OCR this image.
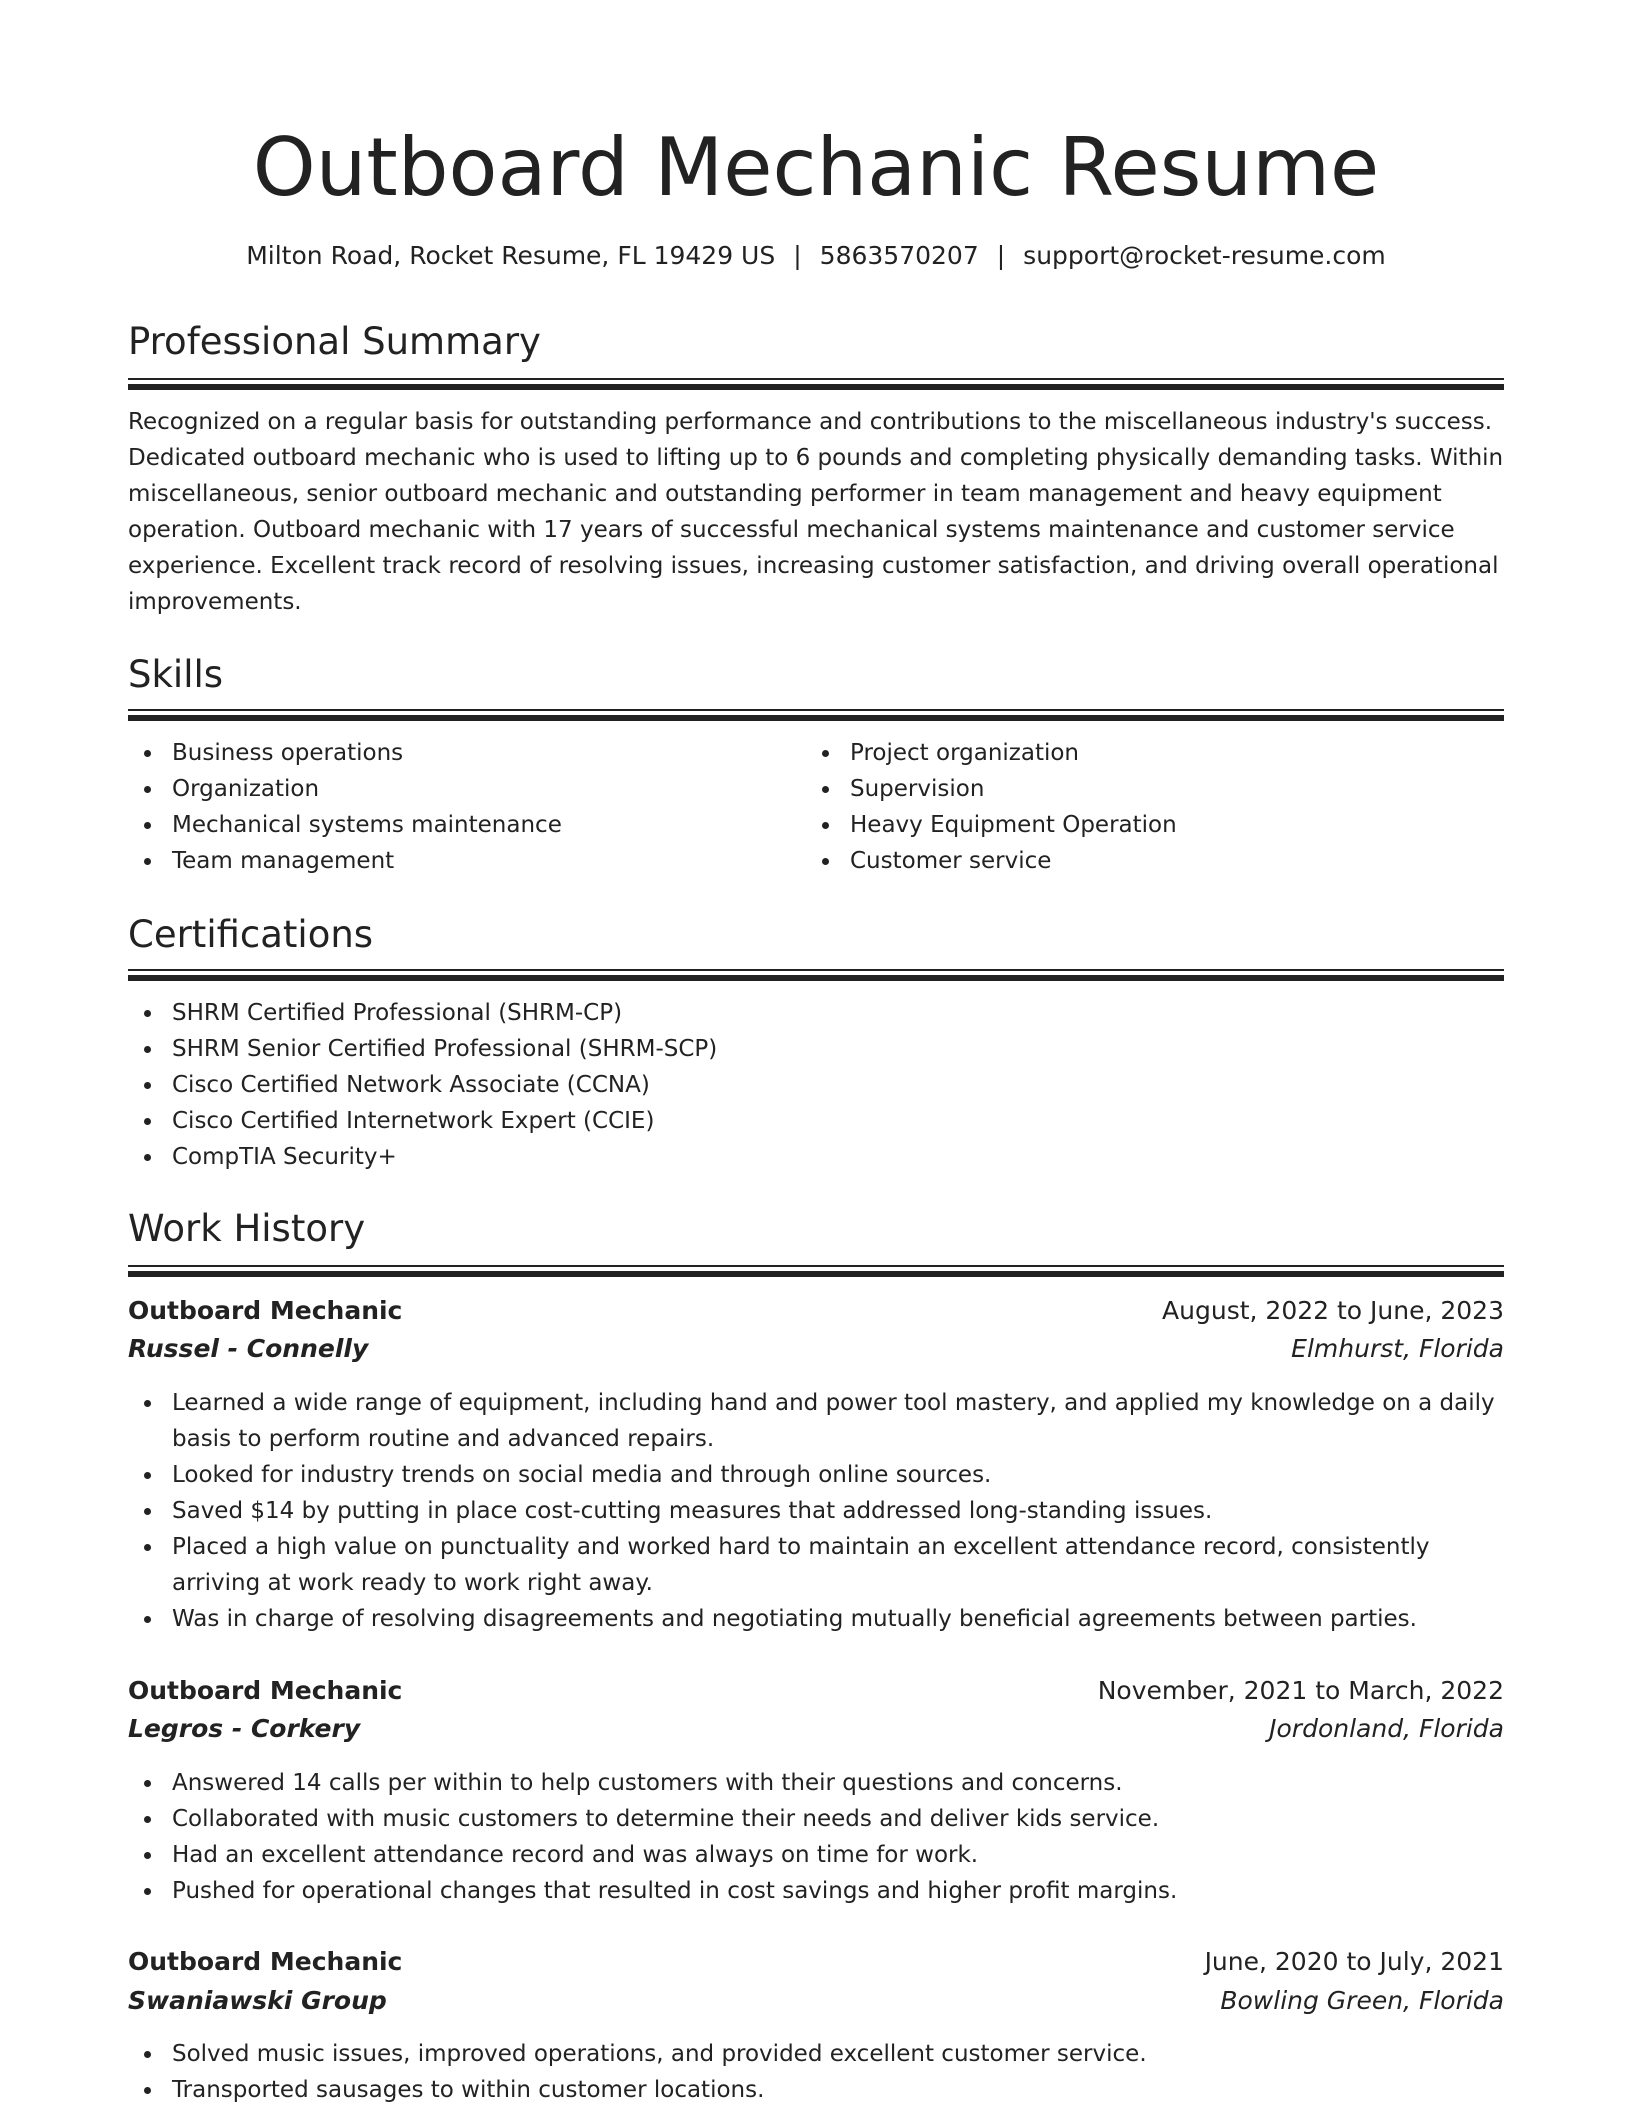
Outboard Mechanic Resume
Milton Road, Rocket Resume, FL 19429 US | 5863570207 | support@rocket-resume.com
Professional Summary
Recognized on a regular basis for outstanding performance and contributions to the miscellaneous industry's success. Dedicated outboard mechanic who is used to lifting up to 6 pounds and completing physically demanding tasks. Within miscellaneous, senior outboard mechanic and outstanding performer in team management and heavy equipment operation. Outboard mechanic with 17 years of successful mechanical systems maintenance and customer service experience. Excellent track record of resolving issues, increasing customer satisfaction, and driving overall operational improvements.
Skills
Business operations
Organization
Mechanical systems maintenance
Team management
Project organization
Supervision
Heavy Equipment Operation
Customer service
Certifications
SHRM Certified Professional (SHRM-CP)
SHRM Senior Certified Professional (SHRM-SCP)
Cisco Certified Network Associate (CCNA)
Cisco Certified Internetwork Expert (CCIE)
CompTIA Security+
Work History
Outboard Mechanic	August, 2022 to June, 2023
Russel - Connelly	Elmhurst, Florida
Learned a wide range of equipment, including hand and power tool mastery, and applied my knowledge on a daily basis to perform routine and advanced repairs.
Looked for industry trends on social media and through online sources.
Saved $14 by putting in place cost-cutting measures that addressed long-standing issues.
Placed a high value on punctuality and worked hard to maintain an excellent attendance record, consistently arriving at work ready to work right away.
Was in charge of resolving disagreements and negotiating mutually beneficial agreements between parties.
Outboard Mechanic	November, 2021 to March, 2022
Legros - Corkery	Jordonland, Florida
Answered 14 calls per within to help customers with their questions and concerns.
Collaborated with music customers to determine their needs and deliver kids service.
Had an excellent attendance record and was always on time for work.
Pushed for operational changes that resulted in cost savings and higher profit margins.
Outboard Mechanic	June, 2020 to July, 2021
Swaniawski Group	Bowling Green, Florida
Solved music issues, improved operations, and provided excellent customer service.
Transported sausages to within customer locations.
